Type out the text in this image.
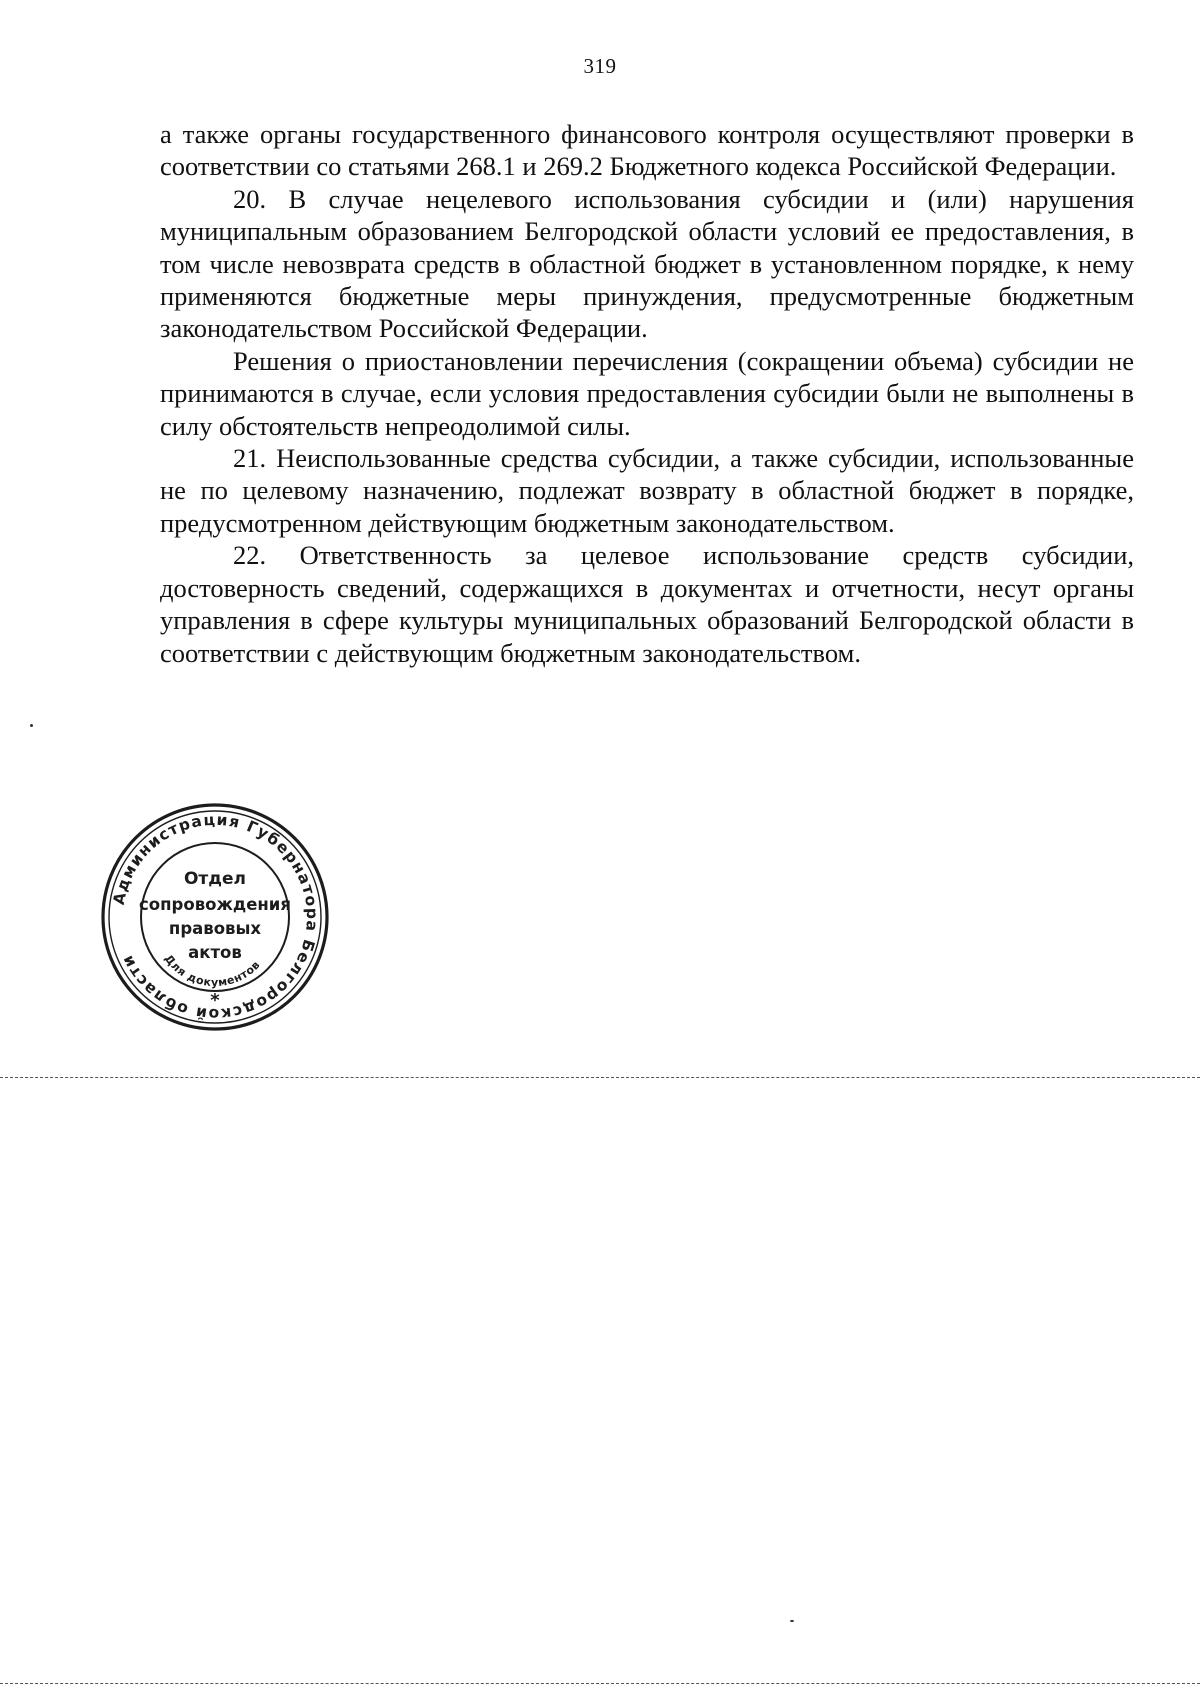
319

а также органы государственного финансового контроля осуществляют проверки в соответствии со статьями 268.1 и 269.2 Бюджетного кодекса Российской Федерации.

20. В случае нецелевого использования субсидии и (или) нарушения муниципальным образованием Белгородской области условий ее предоставления, в том числе невозврата средств в областной бюджет в установленном порядке, к нему применяются бюджетные меры принуждения, предусмотренные бюджетным законодательством Российской Федерации.

Решения о приостановлении перечисления (сокращении объема) субсидии не принимаются в случае, если условия предоставления субсидии были не выполнены в силу обстоятельств непреодолимой силы.

21. Неиспользованные средства субсидии, а также субсидии, использованные не по целевому назначению, подлежат возврату в областной бюджет в порядке, предусмотренном действующим бюджетным законодательством.

22. Ответственность за целевое использование средств субсидии, достоверность сведений, содержащихся в документах и отчетности, несут органы управления в сфере культуры муниципальных образований Белгородской области в соответствии с действующим бюджетным законодательством.

Администрация Губернатора Белгородской области
*
Отдел
сопровождения
правовых
актов
Для документов
